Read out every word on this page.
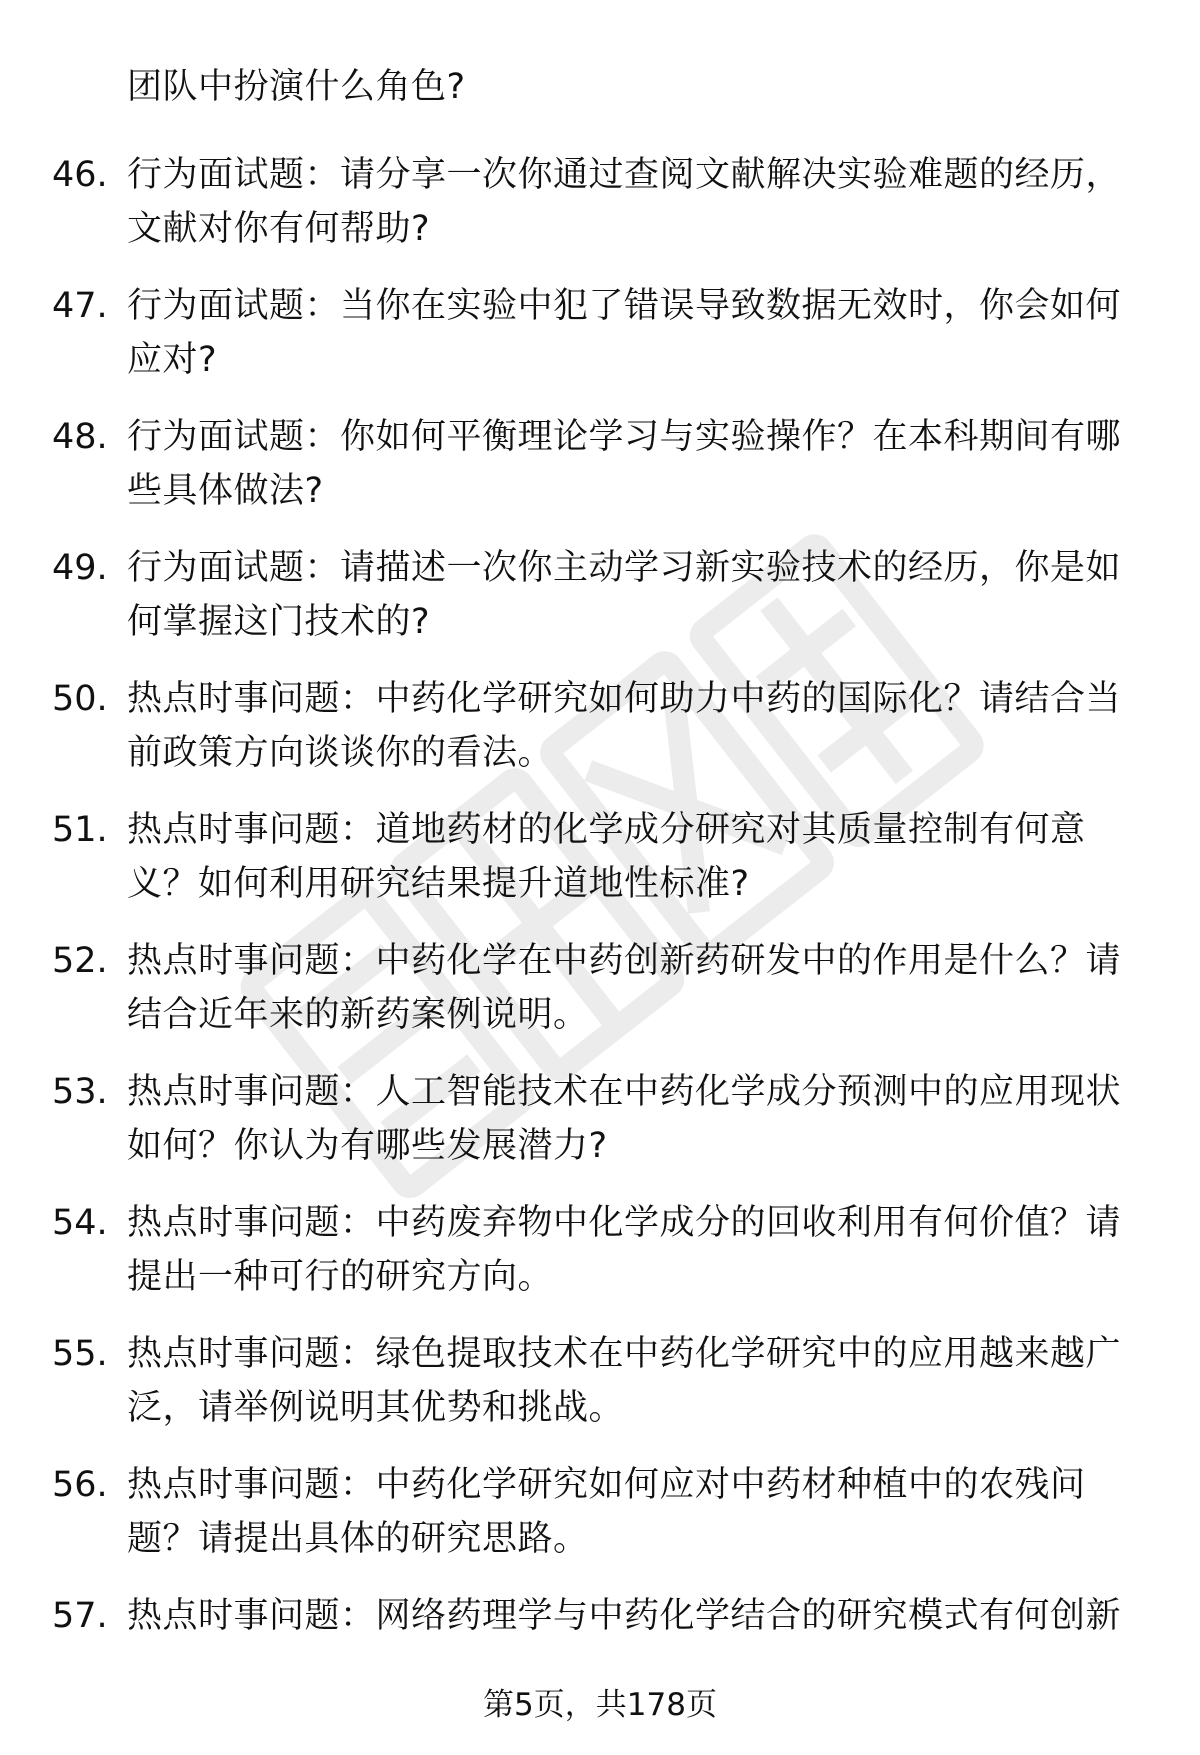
团队中扮演什么角色?
46. 行为面试题：请分享一次你通过查阅文献解决实验难题的经历，
文献对你有何帮助?
47. 行为面试题：当你在实验中犯了错误导致数据无效时，你会如何
应对?
48. 行为面试题：你如何平衡理论学习与实验操作？在本科期间有哪
些具体做法?
49. 行为面试题：请描述一次你主动学习新实验技术的经历，你是如
何掌握这门技术的?
50. 热点时事问题：中药化学研究如何助力中药的国际化？请结合当
前政策方向谈谈你的看法。
51. 热点时事问题：道地药材的化学成分研究对其质量控制有何意
义？如何利用研究结果提升道地性标准?
52. 热点时事问题：中药化学在中药创新药研发中的作用是什么？请
结合近年来的新药案例说明。
53. 热点时事问题：人工智能技术在中药化学成分预测中的应用现状
如何？你认为有哪些发展潜力?
54. 热点时事问题：中药废弃物中化学成分的回收利用有何价值？请
提出一种可行的研究方向。
55. 热点时事问题：绿色提取技术在中药化学研究中的应用越来越广
泛，请举例说明其优势和挑战。
56. 热点时事问题：中药化学研究如何应对中药材种植中的农残问
题？请提出具体的研究思路。
57. 热点时事问题：网络药理学与中药化学结合的研究模式有何创新
第5页，共178页
